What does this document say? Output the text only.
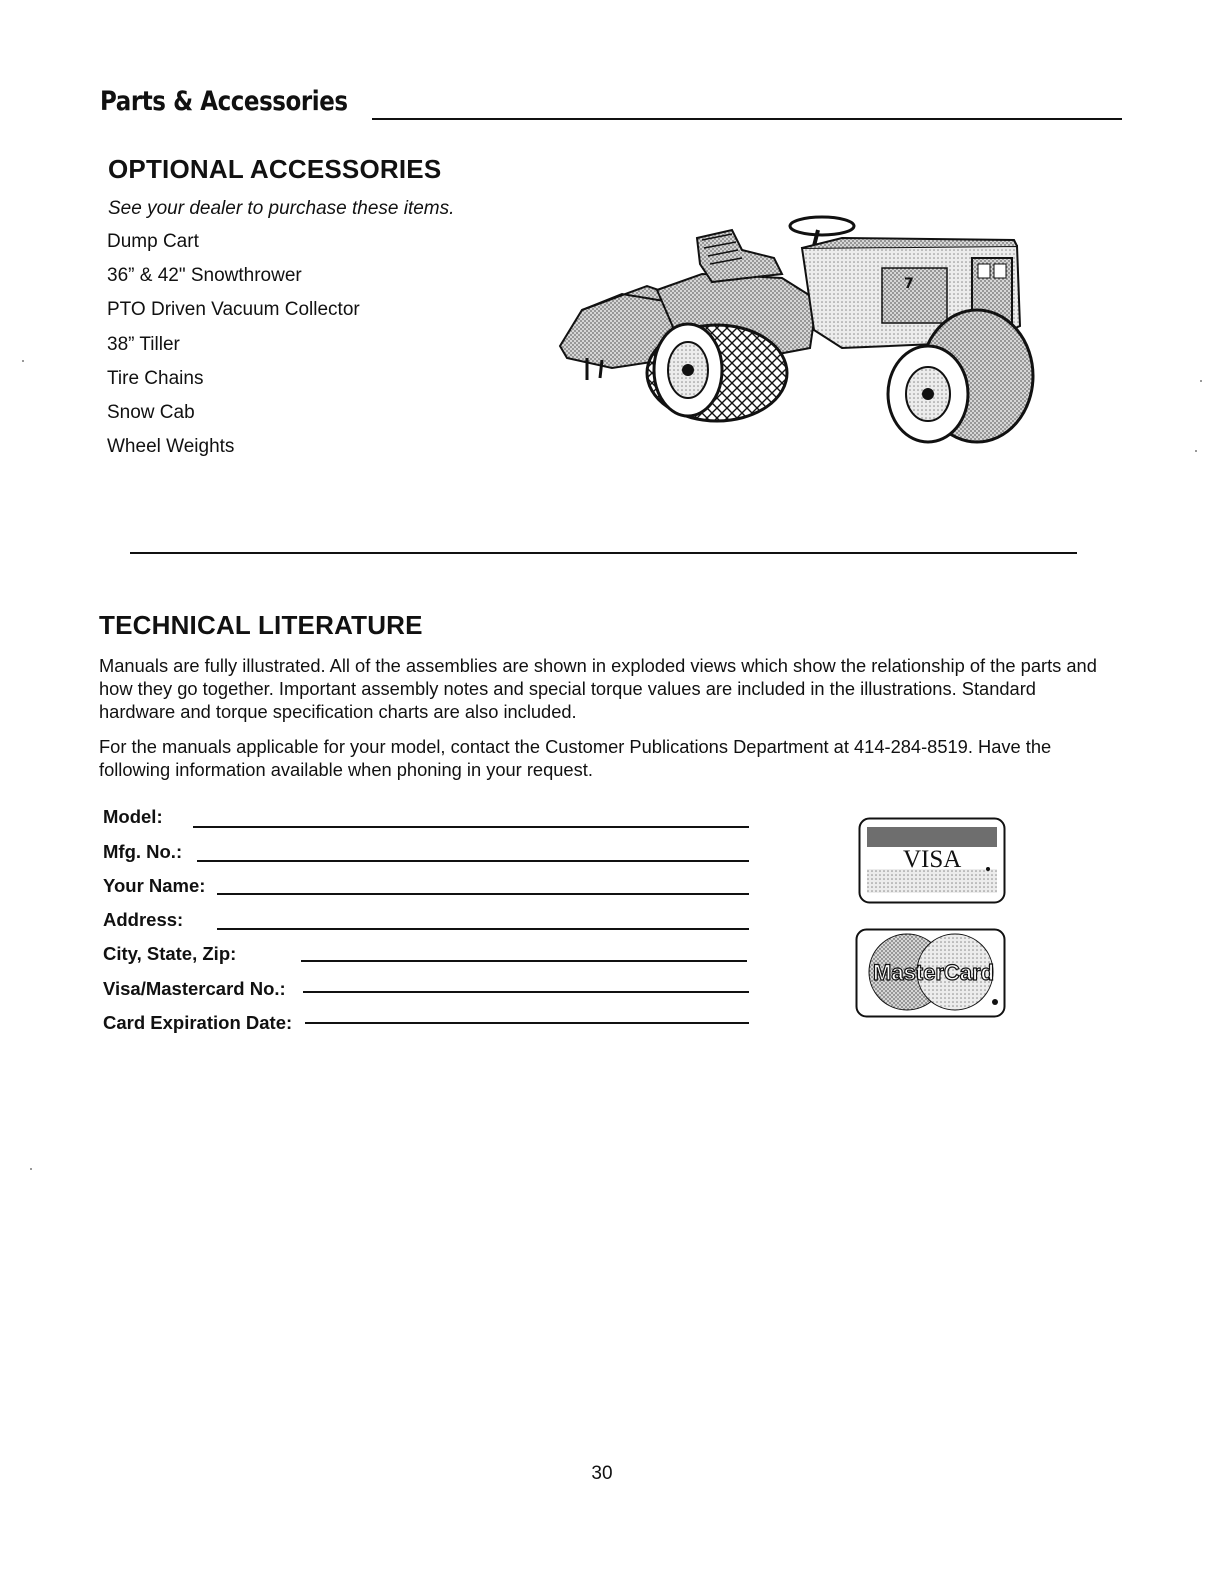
Parts & Accessories
OPTIONAL ACCESSORIES
See your dealer to purchase these items.
Dump Cart
36” & 42" Snowthrower
PTO Driven Vacuum Collector
38” Tiller
Tire Chains
Snow Cab
Wheel Weights
7
TECHNICAL LITERATURE

Manuals are fully illustrated. All of the assemblies are shown in exploded views which show the relationship of the parts and how they go together. Important assembly notes and special torque values are included in the illustrations. Standard hardware and torque specification charts are also included.

For the manuals applicable for your model, contact the Customer Publications Department at 414-284-8519. Have the following information available when phoning in your request.

Model:
Mfg. No.:
Your Name:
Address:
City, State, Zip:
Visa/Mastercard No.:
Card Expiration Date:
VISA
MasterCard
30
